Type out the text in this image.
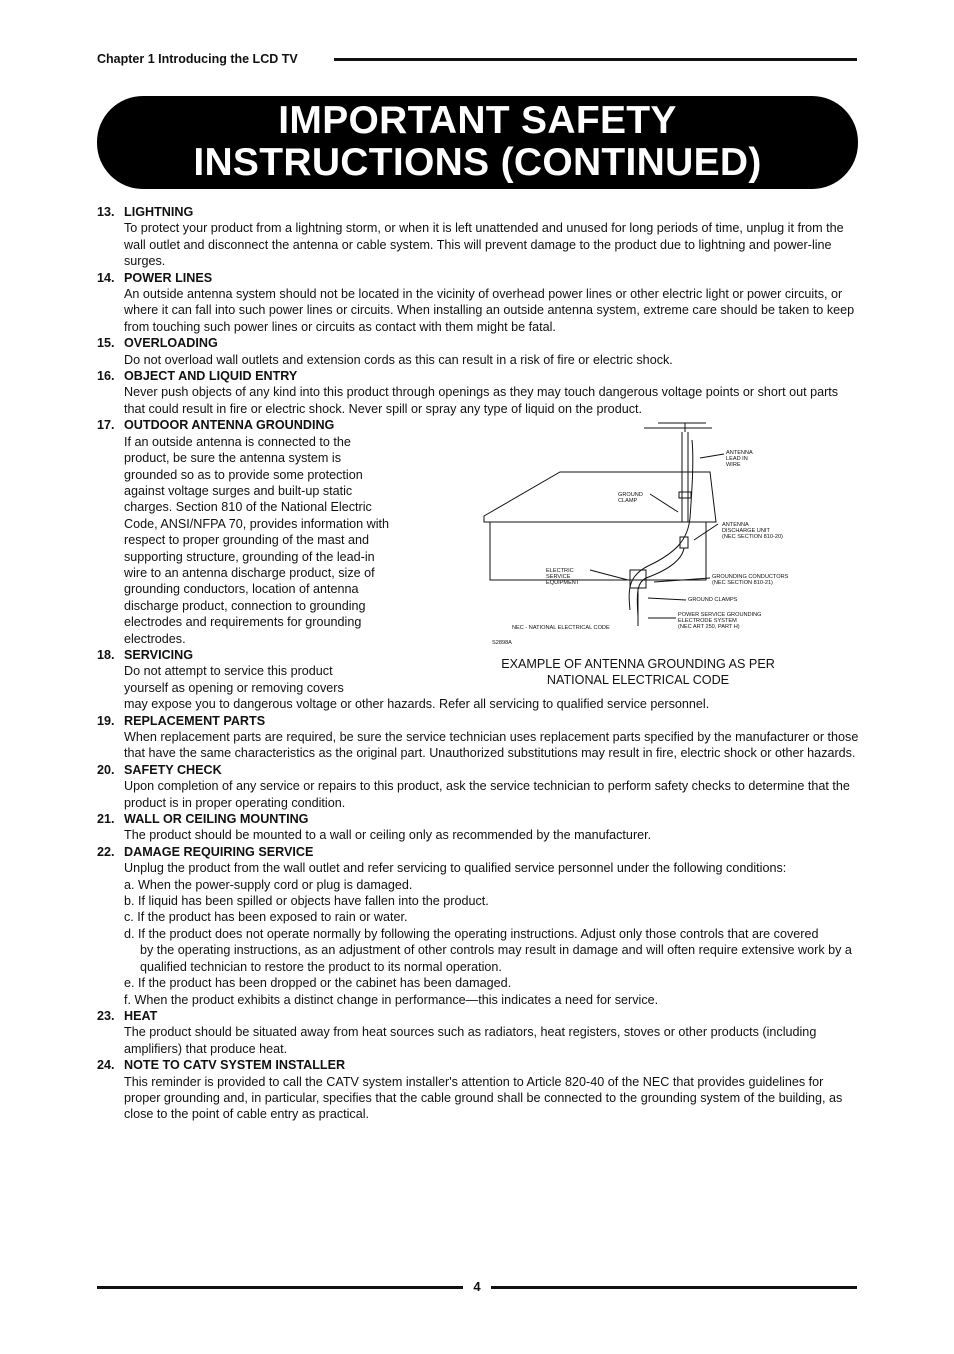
Chapter 1 Introducing the LCD TV
IMPORTANT SAFETY
INSTRUCTIONS (CONTINUED)
13. LIGHTNING
To protect your product from a lightning storm, or when it is left unattended and unused for long periods of time, unplug it from the wall outlet and disconnect the antenna or cable system. This will prevent damage to the product due to lightning and power-line surges.
14. POWER LINES
An outside antenna system should not be located in the vicinity of overhead power lines or other electric light or power circuits, or where it can fall into such power lines or circuits. When installing an outside antenna system, extreme care should be taken to keep from touching such power lines or circuits as contact with them might be fatal.
15. OVERLOADING
Do not overload wall outlets and extension cords as this can result in a risk of fire or electric shock.
16. OBJECT AND LIQUID ENTRY
Never push objects of any kind into this product through openings as they may touch dangerous voltage points or short out parts that could result in fire or electric shock. Never spill or spray any type of liquid on the product.
17. OUTDOOR ANTENNA GROUNDING
If an outside antenna is connected to the product, be sure the antenna system is grounded so as to provide some protection against voltage surges and built-up static charges. Section 810 of the National Electric Code, ANSI/NFPA 70, provides information with respect to proper grounding of the mast and supporting structure, grounding of the lead-in wire to an antenna discharge product, size of grounding conductors, location of antenna discharge product, connection to grounding electrodes and requirements for grounding electrodes.
18. SERVICING
Do not attempt to service this product yourself as opening or removing covers
may expose you to dangerous voltage or other hazards. Refer all servicing to qualified service personnel.
19. REPLACEMENT PARTS
When replacement parts are required, be sure the service technician uses replacement parts specified by the manufacturer or those that have the same characteristics as the original part. Unauthorized substitutions may result in fire, electric shock or other hazards.
20. SAFETY CHECK
Upon completion of any service or repairs to this product, ask the service technician to perform safety checks to determine that the product is in proper operating condition.
21. WALL OR CEILING MOUNTING
The product should be mounted to a wall or ceiling only as recommended by the manufacturer.
22. DAMAGE REQUIRING SERVICE
Unplug the product from the wall outlet and refer servicing to qualified service personnel under the following conditions:
a. When the power-supply cord or plug is damaged.
b. If liquid has been spilled or objects have fallen into the product.
c. If the product has been exposed to rain or water.
d. If the product does not operate normally by following the operating instructions. Adjust only those controls that are covered
by the operating instructions, as an adjustment of other controls may result in damage and will often require extensive work by a qualified technician to restore the product to its normal operation.
e. If the product has been dropped or the cabinet has been damaged.
f. When the product exhibits a distinct change in performance—this indicates a need for service.
23. HEAT
The product should be situated away from heat sources such as radiators, heat registers, stoves or other products (including amplifiers) that produce heat.
24. NOTE TO CATV SYSTEM INSTALLER
This reminder is provided to call the CATV system installer's attention to Article 820-40 of the NEC that provides guidelines for proper grounding and, in particular, specifies that the cable ground shall be connected to the grounding system of the building, as close to the point of cable entry as practical.
ANTENNA LEAD IN WIRE
GROUND CLAMP
ANTENNA DISCHARGE UNIT (NEC SECTION 810-20)
ELECTRIC SERVICE EQUIPMENT
GROUNDING CONDUCTORS (NEC SECTION 810-21)
GROUND CLAMPS
POWER SERVICE GROUNDING ELECTRODE SYSTEM (NEC ART 250, PART H)
NEC - NATIONAL ELECTRICAL CODE
S2898A
EXAMPLE OF ANTENNA GROUNDING AS PER
NATIONAL ELECTRICAL CODE
4
